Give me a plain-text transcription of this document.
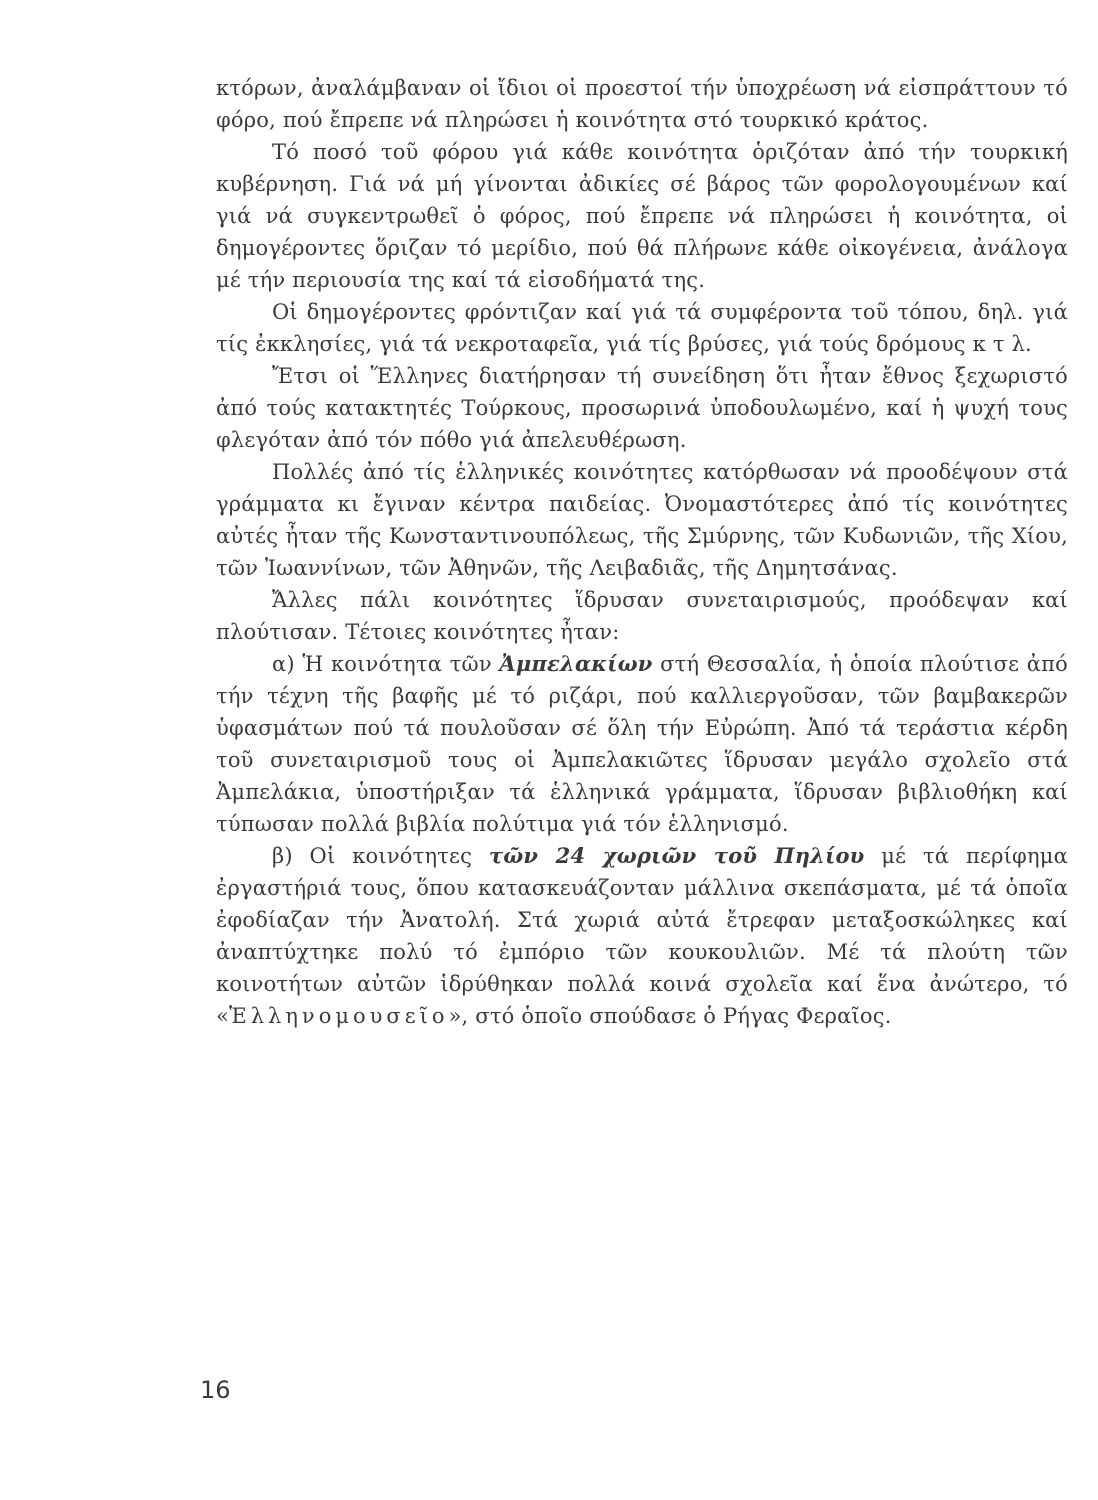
κτόρων, ἀναλάμβαναν οἱ ἴδιοι οἱ προεστοί τήν ὑποχρέωση νά εἰσπράττουν τό φόρο, πού ἔπρεπε νά πληρώσει ἡ κοινότητα στό τουρκικό κράτος.

Τό ποσό τοῦ φόρου γιά κάθε κοινότητα ὁριζόταν ἀπό τήν τουρκική κυβέρνηση. Γιά νά μή γίνονται ἀδικίες σέ βάρος τῶν φορολογουμένων καί γιά νά συγκεντρωθεῖ ὁ φόρος, πού ἔπρεπε νά πληρώσει ἡ κοινότητα, οἱ δημογέροντες ὅριζαν τό μερίδιο, πού θά πλήρωνε κάθε οἰκογένεια, ἀνάλογα μέ τήν περιουσία της καί τά εἰσοδήματά της.

Οἱ δημογέροντες φρόντιζαν καί γιά τά συμφέροντα τοῦ τόπου, δηλ. γιά τίς ἐκκλησίες, γιά τά νεκροταφεῖα, γιά τίς βρύσες, γιά τούς δρόμους κ τ λ.

Ἔτσι οἱ Ἕλληνες διατήρησαν τή συνείδηση ὅτι ἦταν ἔθνος ξεχωριστό ἀπό τούς κατακτητές Τούρκους, προσωρινά ὑποδουλωμένο, καί ἡ ψυχή τους φλεγόταν ἀπό τόν πόθο γιά ἀπελευθέρωση.

Πολλές ἀπό τίς ἑλληνικές κοινότητες κατόρθωσαν νά προοδέψουν στά γράμματα κι ἔγιναν κέντρα παιδείας. Ὀνομαστότερες ἀπό τίς κοινότητες αὐτές ἦταν τῆς Κωνσταντινουπόλεως, τῆς Σμύρνης, τῶν Κυδωνιῶν, τῆς Χίου, τῶν Ἰωαννίνων, τῶν Ἀθηνῶν, τῆς Λειβαδιᾶς, τῆς Δημητσάνας.

Ἄλλες πάλι κοινότητες ἵδρυσαν συνεταιρισμούς, προόδεψαν καί πλούτισαν. Τέτοιες κοινότητες ἦταν:

α) Ἡ κοινότητα τῶν Ἀμπελακίων στή Θεσσαλία, ἡ ὁποία πλούτισε ἀπό τήν τέχνη τῆς βαφῆς μέ τό ριζάρι, πού καλλιεργοῦσαν, τῶν βαμβακερῶν ὑφασμάτων πού τά πουλοῦσαν σέ ὅλη τήν Εὐρώπη. Ἀπό τά τεράστια κέρδη τοῦ συνεταιρισμοῦ τους οἱ Ἀμπελακιῶτες ἵδρυσαν μεγάλο σχολεῖο στά Ἀμπελάκια, ὑποστήριξαν τά ἑλληνικά γράμματα, ἵδρυσαν βιβλιοθήκη καί τύπωσαν πολλά βιβλία πολύτιμα γιά τόν ἑλληνισμό.

β) Οἱ κοινότητες τῶν 24 χωριῶν τοῦ Πηλίου μέ τά περίφημα ἐργαστήριά τους, ὅπου κατασκευάζονταν μάλλινα σκεπάσματα, μέ τά ὁποῖα ἐφοδίαζαν τήν Ἀνατολή. Στά χωριά αὐτά ἔτρεφαν μεταξοσκώληκες καί ἀναπτύχτηκε πολύ τό ἐμπόριο τῶν κουκουλιῶν. Μέ τά πλούτη τῶν κοινοτήτων αὐτῶν ἱδρύθηκαν πολλά κοινά σχολεῖα καί ἕνα ἀνώτερο, τό «Ἑλληνομουσεῖο», στό ὁποῖο σπούδασε ὁ Ρήγας Φεραῖος.

16
